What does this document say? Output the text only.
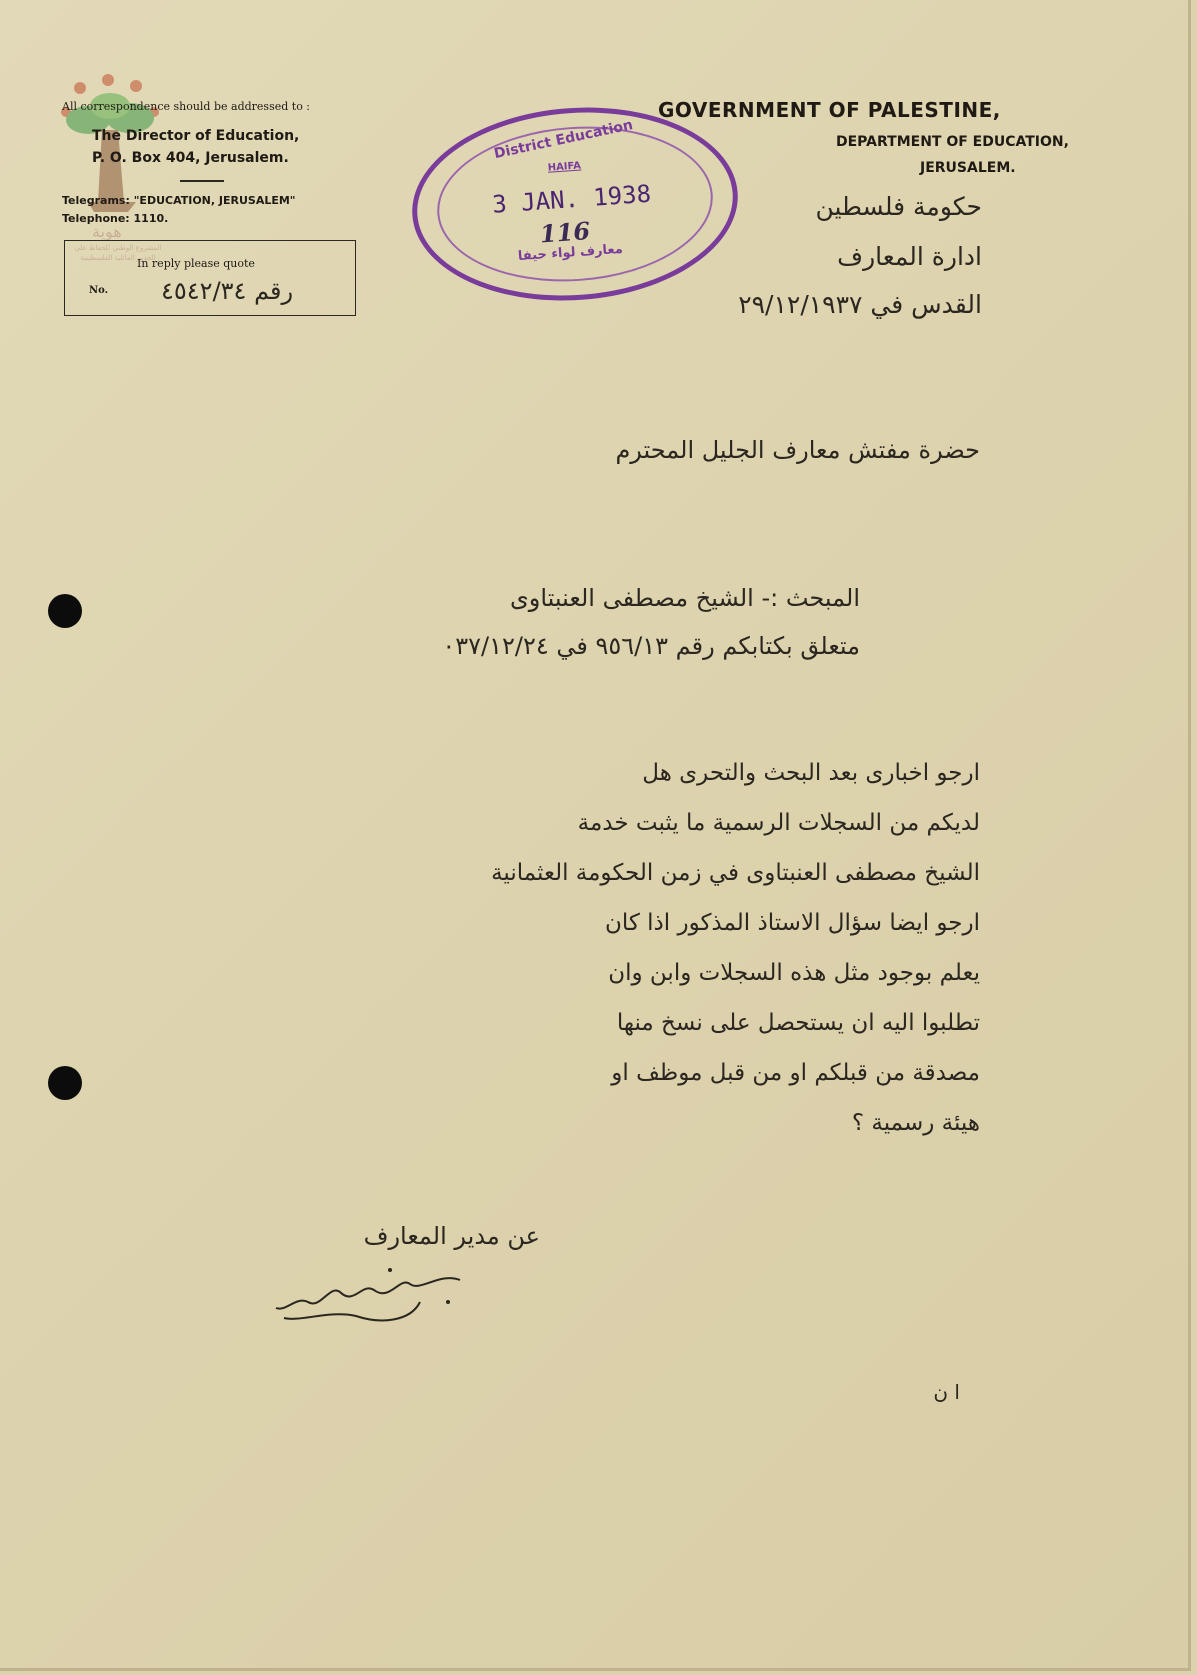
هوية
المشروع الوطني للحفاظ على
الجذور العائلية الفلسطينية
All correspondence should be addressed to :
The Director of Education,
P. O. Box 404, Jerusalem.
Telegrams: "EDUCATION, JERUSALEM"
Telephone: 1110.
In reply please quote
No. رقم ٤٥٤٢/٣٤
GOVERNMENT OF PALESTINE,
DEPARTMENT OF EDUCATION,
JERUSALEM.
حكومة فلسطين
ادارة المعارف
القدس في ٢٩/١٢/١٩٣٧
District Education
HAIFA
3 JAN. 1938
116
معارف لواء حيفا
حضرة مفتش معارف الجليل المحترم
المبحث :- الشيخ مصطفى العنبتاوى
متعلق بكتابكم رقم ٩٥٦/١٣ في ٠٣٧/١٢/٢٤
ارجو اخبارى بعد البحث والتحرى هل
لديكم من السجلات الرسمية ما يثبت خدمة
الشيخ مصطفى العنبتاوى في زمن الحكومة العثمانية
ارجو ايضا سؤال الاستاذ المذكور اذا كان
يعلم بوجود مثل هذه السجلات وابن وان
تطلبوا اليه ان يستحصل على نسخ منها
مصدقة من قبلكم او من قبل موظف او
هيئة رسمية ؟
عن مدير المعارف
ا ن
